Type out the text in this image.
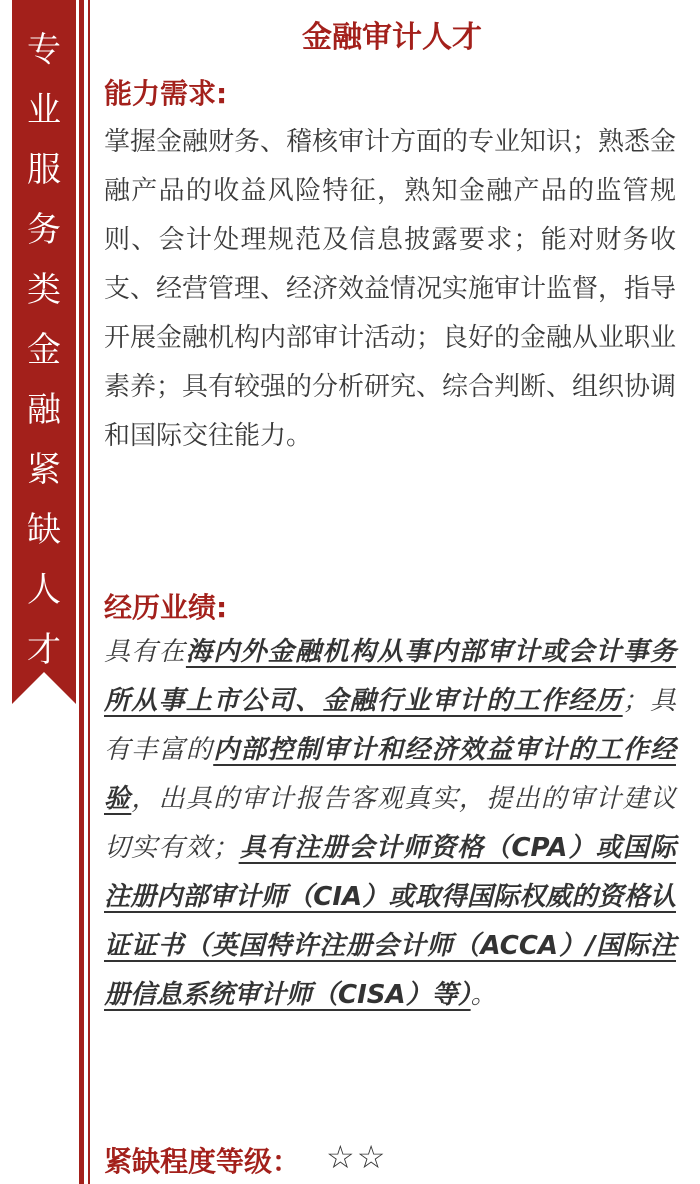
专
业
服
务
类
金
融
紧
缺
人
才
金融审计人才
能力需求:

掌握金融财务、稽核审计方面的专业知识；熟悉金融产品的收益风险特征，熟知金融产品的监管规则、会计处理规范及信息披露要求；能对财务收支、经营管理、经济效益情况实施审计监督，指导开展金融机构内部审计活动；良好的金融从业职业素养；具有较强的分析研究、综合判断、组织协调和国际交往能力。

经历业绩:

具有在海内外金融机构从事内部审计或会计事务所从事上市公司、金融行业审计的工作经历；具有丰富的内部控制审计和经济效益审计的工作经验，出具的审计报告客观真实，提出的审计建议切实有效；具有注册会计师资格（CPA）或国际注册内部审计师（CIA）或取得国际权威的资格认证证书（英国特许注册会计师（ACCA）/国际注册信息系统审计师（CISA）等）。

紧缺程度等级： ☆☆
